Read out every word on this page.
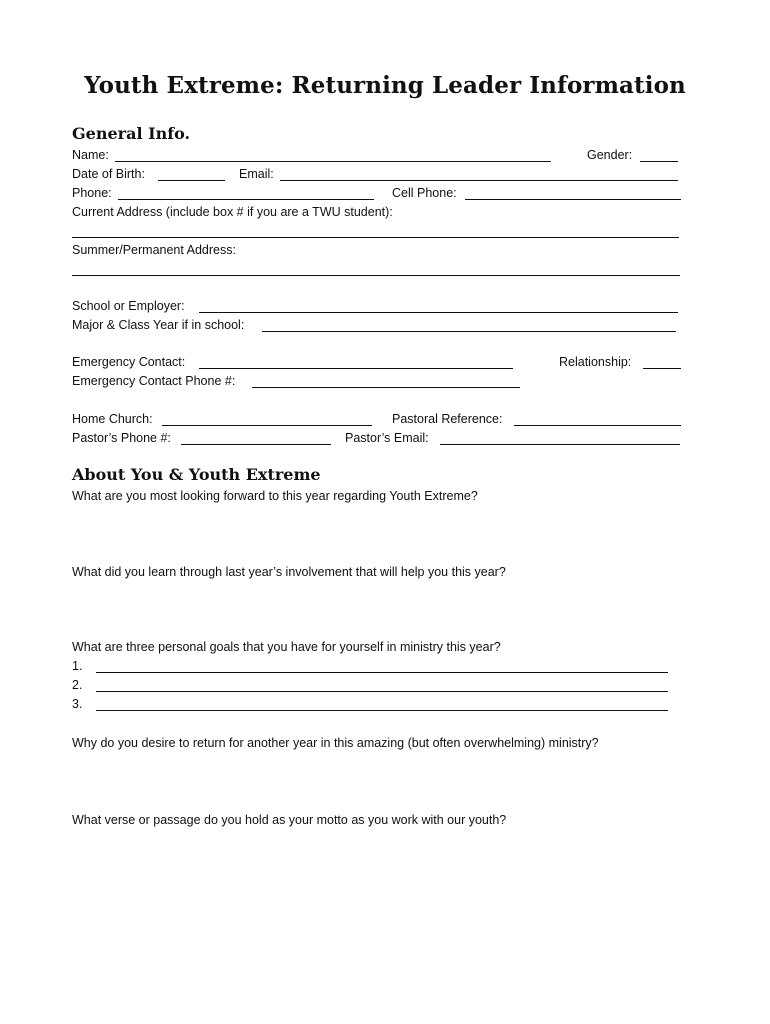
Youth Extreme: Returning Leader Information
General Info.
Name:	Gender:
Date of Birth:	Email:
Phone:	Cell Phone:
Current Address (include box # if you are a TWU student):
Summer/Permanent Address:
School or Employer:
Major & Class Year if in school:
Emergency Contact:	Relationship:
Emergency Contact Phone #:
Home Church:	Pastoral Reference:
Pastor’s Phone #:	Pastor’s Email:
About You & Youth Extreme
What are you most looking forward to this year regarding Youth Extreme?
What did you learn through last year’s involvement that will help you this year?
What are three personal goals that you have for yourself in ministry this year?
1.
2.
3.
Why do you desire to return for another year in this amazing (but often overwhelming) ministry?
What verse or passage do you hold as your motto as you work with our youth?
